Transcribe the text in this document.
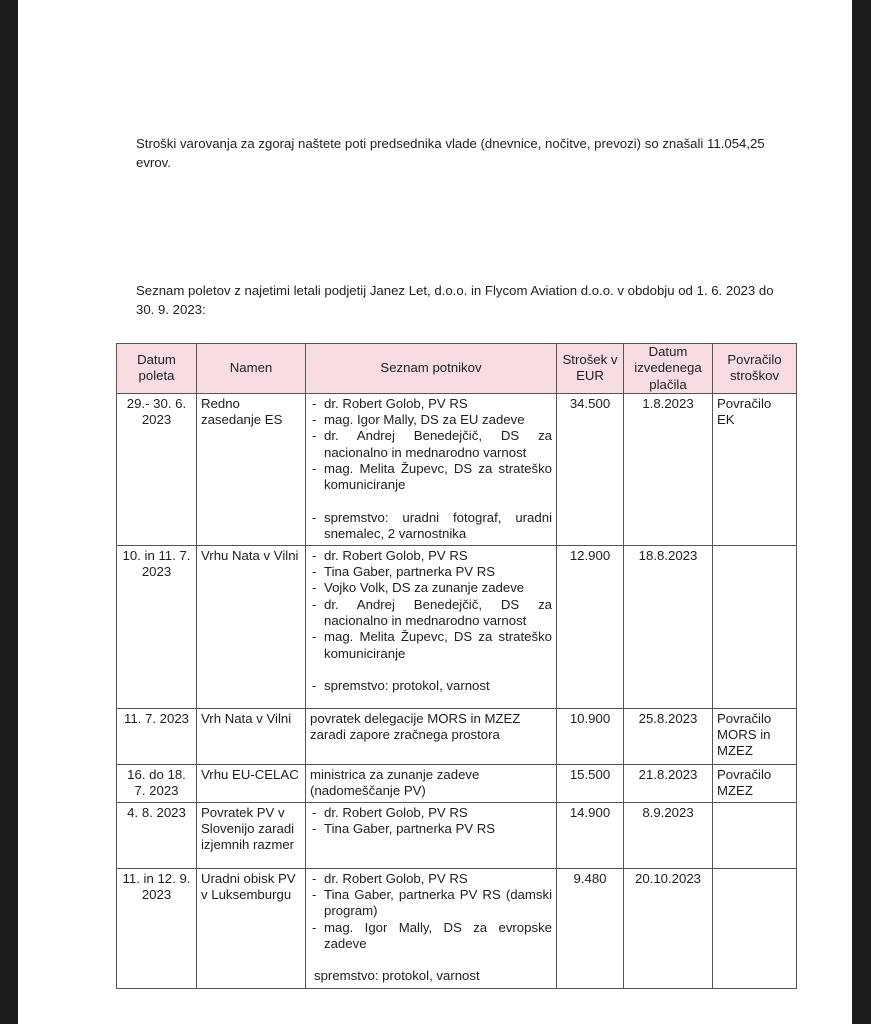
Stroški varovanja za zgoraj naštete poti predsednika vlade (dnevnice, nočitve, prevozi) so znašali 11.054,25 evrov.

Seznam poletov z najetimi letali podjetij Janez Let, d.o.o. in Flycom Aviation d.o.o. v obdobju od 1. 6. 2023 do 30. 9. 2023:

Datum poleta	Namen	Seznam potnikov	Strošek v EUR	Datum izvedenega plačila	Povračilo stroškov
29.- 30. 6. 2023	Redno zasedanje ES	
- dr. Robert Golob, PV RS
- mag. Igor Mally, DS za EU zadeve
- dr. Andrej Benedejčič, DS za nacionalno in mednarodno varnost
- mag. Melita Župevc, DS za strateško komuniciranje
- spremstvo: uradni fotograf, uradni snemalec, 2 varnostnika
	34.500	1.8.2023	Povračilo EK
10. in 11. 7. 2023	Vrhu Nata v Vilni	
-dr. Robert Golob, PV RS
- Tina Gaber, partnerka PV RS
- Vojko Volk, DS za zunanje zadeve
- dr. Andrej Benedejčič, DS za nacionalno in mednarodno varnost
- mag. Melita Župevc, DS za strateško komuniciranje
- spremstvo: protokol, varnost
	12.900	18.8.2023	
11. 7. 2023	Vrh Nata v Vilni	povratek delegacije MORS in MZEZ zaradi zapore zračnega prostora	10.900	25.8.2023	Povračilo MORS in MZEZ
16. do 18. 7. 2023	Vrhu EU-CELAC	ministrica za zunanje zadeve (nadomeščanje PV)	15.500	21.8.2023	Povračilo MZEZ
4. 8. 2023	Povratek PV v Slovenijo zaradi izjemnih razmer	
- dr. Robert Golob, PV RS
- Tina Gaber, partnerka PV RS
	14.900	8.9.2023	
11. in 12. 9. 2023	Uradni obisk PV v Luksemburgu	
- dr. Robert Golob, PV RS
- Tina Gaber, partnerka PV RS (damski program)
- mag. Igor Mally, DS za evropske zadeve
spremstvo: protokol, varnost
	9.480	20.10.2023	
